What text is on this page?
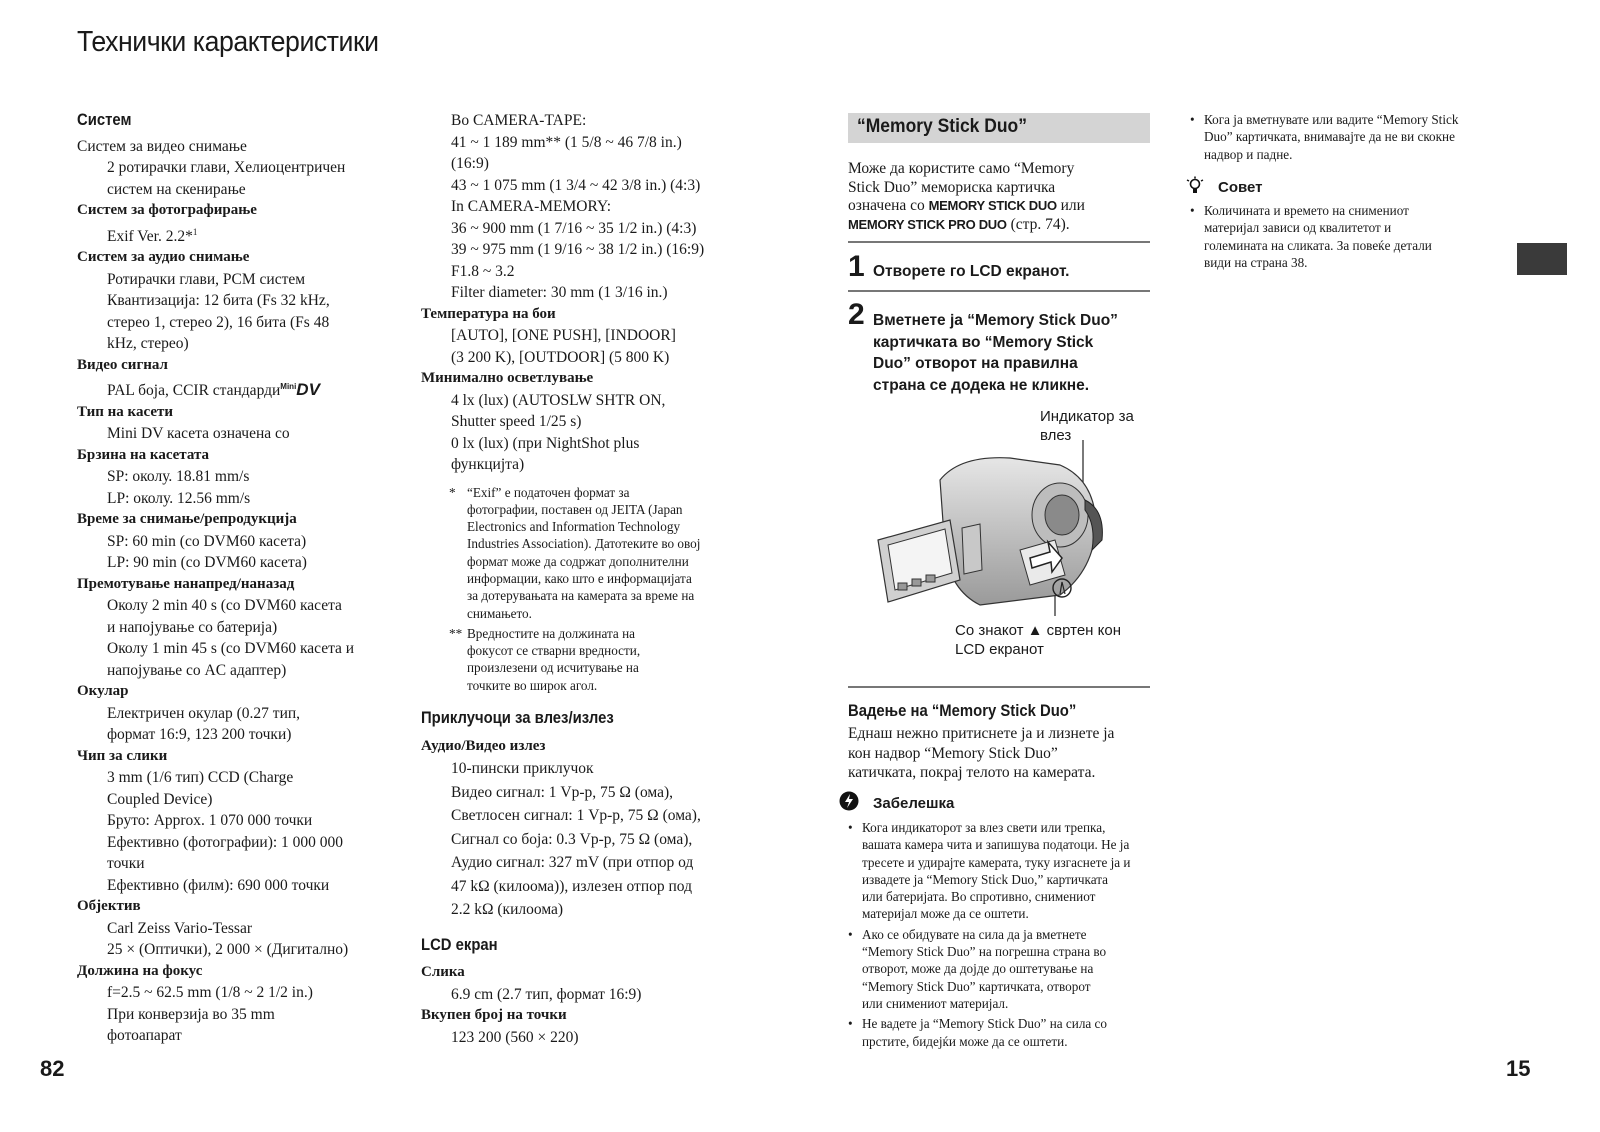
Технички карактеристики
Систем
Систем за видео снимање
2 ротирачки глави, Хелиоцентричен
систем на скенирање
Систем за фотографирање
Exif Ver. 2.2*$^1$
Систем за аудио снимање
Ротирачки глави, PCM систем
Квантизација: 12 бита (Fs 32 kHz,
стерео 1, стерео 2), 16 бита (Fs 48
kHz, стерео)
Видео сигнал
PAL боја, CCIR стандарди$^{Mini}$DV
Тип на касети
Mini DV касета означена со
Брзина на касетата
SP: околу. 18.81 mm/s
LP: околу. 12.56 mm/s
Време за снимање/репродукција
SP: 60 min (со DVM60 касета)
LP: 90 min (со DVM60 касета)
Премотување нанапред/наназад
Околу 2 min 40 s (со DVM60 касета
и напојување со батерија)
Околу 1 min 45 s (со DVM60 касета и
напојување со AC адаптер)
Окулар
Електричен окулар (0.27 тип,
формат 16:9, 123 200 точки)
Чип за слики
3 mm (1/6 тип) CCD (Charge
Coupled Device)
Бруто: Approx. 1 070 000 точки
Ефективно (фотографии): 1 000 000
точки
Ефективно (филм): 690 000 точки
Објектив
Carl Zeiss Vario-Tessar
25 × (Оптички), 2 000 × (Дигитално)
Должина на фокус
f=2.5 ~ 62.5 mm (1/8 ~ 2 1/2 in.)
При конверзија во 35 mm
фотоапарат
Во CAMERA-TAPE:
41 ~ 1 189 mm** (1 5/8 ~ 46 7/8 in.)
(16:9)
43 ~ 1 075 mm (1 3/4 ~ 42 3/8 in.) (4:3)
In CAMERA-MEMORY:
36 ~ 900 mm (1 7/16 ~ 35 1/2 in.) (4:3)
39 ~ 975 mm (1 9/16 ~ 38 1/2 in.) (16:9)
F1.8 ~ 3.2
Filter diameter: 30 mm (1 3/16 in.)
Температура на бои
[AUTO], [ONE PUSH], [INDOOR]
(3 200 K), [OUTDOOR] (5 800 K)
Минимално осветлување
4 lx (lux) (AUTOSLW SHTR ON,
Shutter speed 1/25 s)
0 lx (lux) (при NightShot plus
функцијта)
* “Exif” е податочен формат за
фотографии, поставен од JEITA (Japan
Electronics and Information Technology
Industries Association). Датотеките во овој
формат може да содржат дополнителни
информации, како што е информацијата
за дотерувањата на камерата за време на
снимањето.
** Вредностите на должината на
фокусот се стварни вредности,
произлезени од исчитување на
точките во широк агол.
Приклучоци за влез/излез
Аудио/Видео излез
10-пински приклучок
Видео сигнал: 1 Vp-p, 75 Ω (ома),
Светлосен сигнал: 1 Vp-p, 75 Ω (ома),
Сигнал со боја: 0.3 Vp-p, 75 Ω (ома),
Аудио сигнал: 327 mV (при отпор од
47 kΩ (килоома)), излезен отпор под
2.2 kΩ (килоома)
LCD екран
Слика
6.9 cm (2.7 тип, формат 16:9)
Вкупен број на точки
123 200 (560 × 220)
“Memory Stick Duo”
Може да користите само “Memory
Stick Duo” мемориска картичка
означена со MEMORY STICK DUO или
MEMORY STICK PRO DUO (стр. 74).
1 Отворете го LCD екранот.
2 Вметнете ја “Memory Stick Duo”
картичката во “Memory Stick
Duo” отворот на правилна
страна се додека не кликне.
Индикатор за
влез
Со знакот ▲ свртен кон
LCD екранот
Вадење на “Memory Stick Duo”
Еднаш нежно притиснете ја и лизнете ја
кон надвор “Memory Stick Duo”
катичката, покрај телото на камерата.
Забелешка
• Кога индикаторот за влез свети или трепка,
вашата камера чита и запишува податоци. Не ја
тресете и удирајте камерата, туку изгаснете ја и
извадете ја “Memory Stick Duo,” картичката
или батеријата. Во спротивно, снимениот
материјал може да се оштети.
• Ако се обидувате на сила да ја вметнете
“Memory Stick Duo” на погрешна страна во
отворот, може да дојде до оштетување на
“Memory Stick Duo” картичката, отворот
или снимениот материјал.
• Не вадете ја “Memory Stick Duo” на сила со
прстите, бидејќи може да се оштети.
• Кога ја вметнувате или вадите “Memory Stick
Duo” картичката, внимавајте да не ви скокне
надвор и падне.
Совет
• Количината и времето на снимениот
материјал зависи од квалитетот и
големината на сликата. За повеќе детали
види на страна 38.
82	15
